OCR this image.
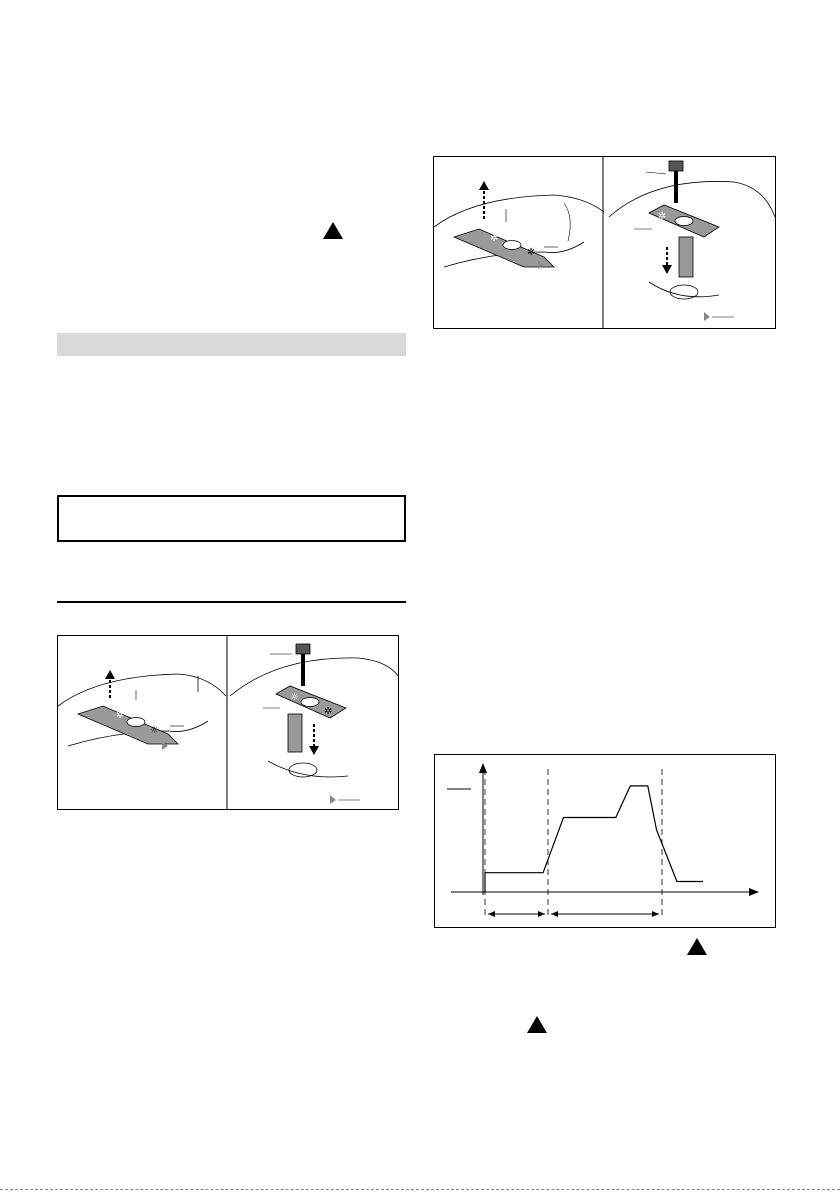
✲
✲
✲
✲
☼
☼
✲
